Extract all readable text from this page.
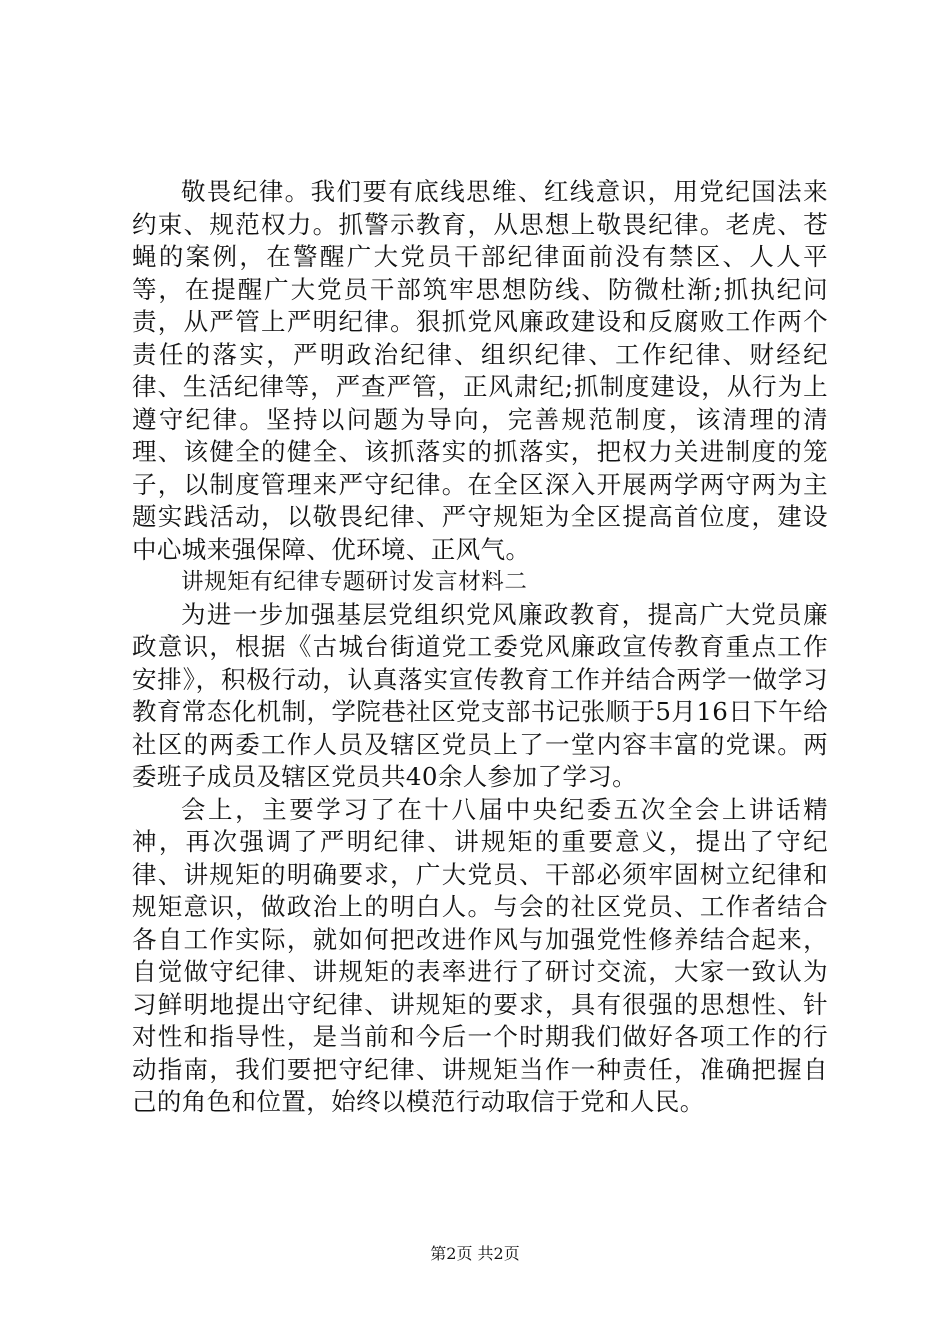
敬畏纪律。我们要有底线思维、红线意识，用党纪国法来约束、规范权力。抓警示教育，从思想上敬畏纪律。老虎、苍蝇的案例，在警醒广大党员干部纪律面前没有禁区、人人平等，在提醒广大党员干部筑牢思想防线、防微杜渐;抓执纪问责，从严管上严明纪律。狠抓党风廉政建设和反腐败工作两个责任的落实，严明政治纪律、组织纪律、工作纪律、财经纪律、生活纪律等，严查严管，正风肃纪;抓制度建设，从行为上遵守纪律。坚持以问题为导向，完善规范制度，该清理的清理、该健全的健全、该抓落实的抓落实，把权力关进制度的笼子，以制度管理来严守纪律。在全区深入开展两学两守两为主题实践活动，以敬畏纪律、严守规矩为全区提高首位度，建设中心城来强保障、优环境、正风气。

讲规矩有纪律专题研讨发言材料二

为进一步加强基层党组织党风廉政教育，提高广大党员廉政意识，根据《古城台街道党工委党风廉政宣传教育重点工作安排》，积极行动，认真落实宣传教育工作并结合两学一做学习教育常态化机制，学院巷社区党支部书记张顺于5月16日下午给社区的两委工作人员及辖区党员上了一堂内容丰富的党课。两委班子成员及辖区党员共40余人参加了学习。

会上，主要学习了在十八届中央纪委五次全会上讲话精神，再次强调了严明纪律、讲规矩的重要意义，提出了守纪律、讲规矩的明确要求，广大党员、干部必须牢固树立纪律和规矩意识，做政治上的明白人。与会的社区党员、工作者结合各自工作实际，就如何把改进作风与加强党性修养结合起来，自觉做守纪律、讲规矩的表率进行了研讨交流，大家一致认为习鲜明地提出守纪律、讲规矩的要求，具有很强的思想性、针对性和指导性，是当前和今后一个时期我们做好各项工作的行动指南，我们要把守纪律、讲规矩当作一种责任，准确把握自己的角色和位置，始终以模范行动取信于党和人民。

第2页 共2页
